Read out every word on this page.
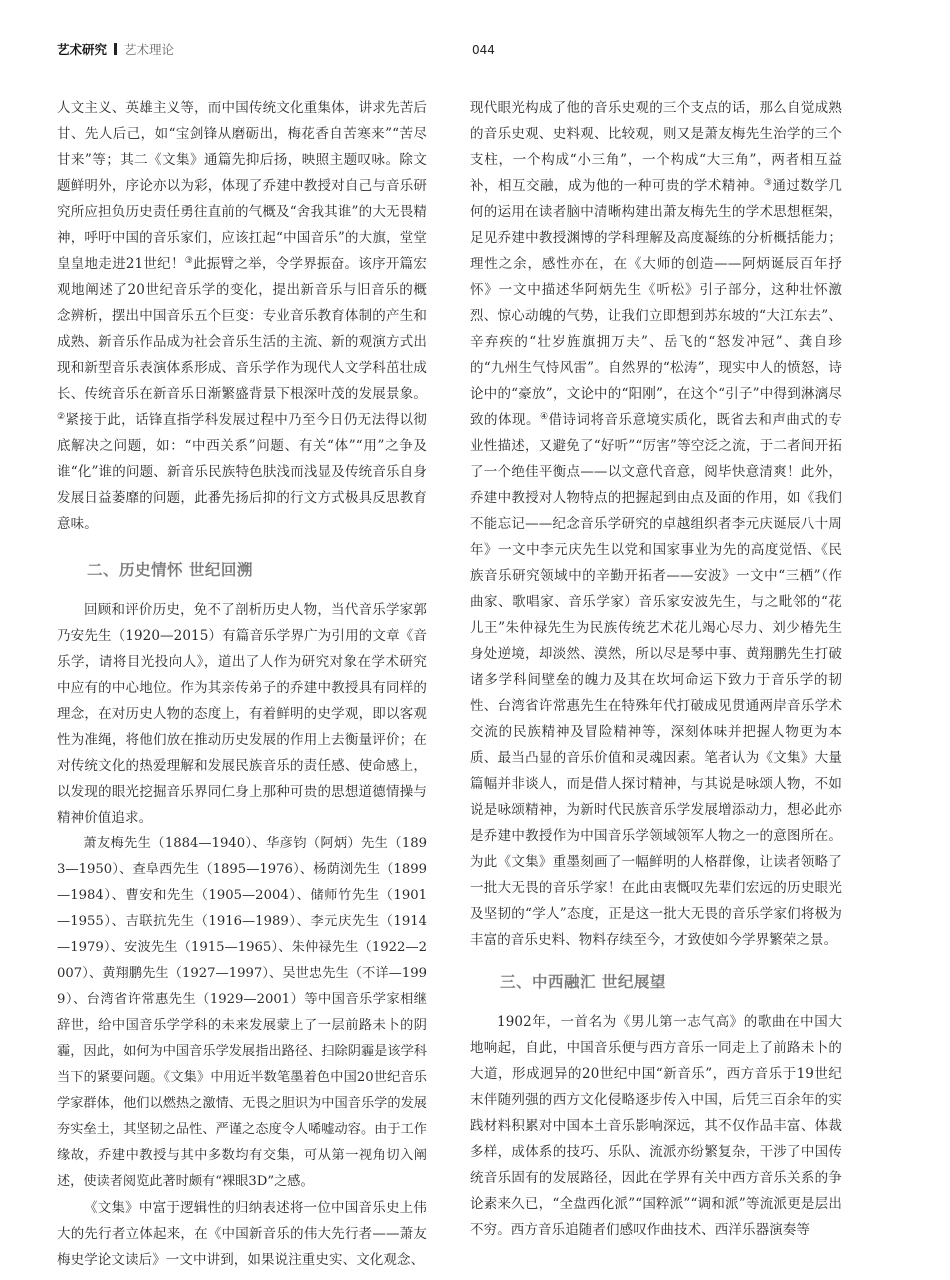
艺术研究 艺术理论	044

人文主义、英雄主义等，而中国传统文化重集体，讲求先苦后甘、先人后己，如“宝剑锋从磨砺出，梅花香自苦寒来”“苦尽甘来”等；其二《文集》通篇先抑后扬，映照主题叹咏。除文题鲜明外，序论亦以为彩，体现了乔建中教授对自己与音乐研究所应担负历史责任勇往直前的气概及“舍我其谁”的大无畏精神，呼吁中国的音乐家们，应该扛起“中国音乐”的大旗，堂堂皇皇地走进21世纪！③此振臂之举，令学界振奋。该序开篇宏观地阐述了20世纪音乐学的变化，提出新音乐与旧音乐的概念辨析，摆出中国音乐五个巨变：专业音乐教育体制的产生和成熟、新音乐作品成为社会音乐生活的主流、新的观演方式出现和新型音乐表演体系形成、音乐学作为现代人文学科茁壮成长、传统音乐在新音乐日渐繁盛背景下根深叶茂的发展景象。②紧接于此，话锋直指学科发展过程中乃至今日仍无法得以彻底解决之问题，如：“中西关系”问题、有关“体”“用”之争及谁“化”谁的问题、新音乐民族特色肤浅而浅显及传统音乐自身发展日益萎靡的问题，此番先扬后抑的行文方式极具反思教育意味。

二、历史情怀 世纪回溯

回顾和评价历史，免不了剖析历史人物，当代音乐学家郭乃安先生（1920—2015）有篇音乐学界广为引用的文章《音乐学，请将目光投向人》，道出了人作为研究对象在学术研究中应有的中心地位。作为其亲传弟子的乔建中教授具有同样的理念，在对历史人物的态度上，有着鲜明的史学观，即以客观性为准绳，将他们放在推动历史发展的作用上去衡量评价；在对传统文化的热爱理解和发展民族音乐的责任感、使命感上，以发现的眼光挖掘音乐界同仁身上那种可贵的思想道德情操与精神价值追求。

萧友梅先生（1884—1940）、华彦钧（阿炳）先生（1893—1950）、查阜西先生（1895—1976）、杨荫浏先生（1899—1984）、曹安和先生（1905—2004）、储师竹先生（1901—1955）、吉联抗先生（1916—1989）、李元庆先生（1914—1979）、安波先生（1915—1965）、朱仲禄先生（1922—2007）、黄翔鹏先生（1927—1997）、吴世忠先生（不详—1999）、台湾省许常惠先生（1929—2001）等中国音乐学家相继辞世，给中国音乐学学科的未来发展蒙上了一层前路未卜的阴霾，因此，如何为中国音乐学发展指出路径、扫除阴霾是该学科当下的紧要问题。《文集》中用近半数笔墨着色中国20世纪音乐学家群体，他们以燃热之激情、无畏之胆识为中国音乐学的发展夯实垒土，其坚韧之品性、严谨之态度令人唏嘘动容。由于工作缘故，乔建中教授与其中多数均有交集，可从第一视角切入阐述，使读者阅览此著时颇有“裸眼3D”之感。

《文集》中富于逻辑性的归纳表述将一位中国音乐史上伟大的先行者立体起来，在《中国新音乐的伟大先行者——萧友梅史学论文读后》一文中讲到，如果说注重史实、文化观念、

现代眼光构成了他的音乐史观的三个支点的话，那么自觉成熟的音乐史观、史料观、比较观，则又是萧友梅先生治学的三个支柱，一个构成“小三角”，一个构成“大三角”，两者相互益补，相互交融，成为他的一种可贵的学术精神。③通过数学几何的运用在读者脑中清晰构建出萧友梅先生的学术思想框架，足见乔建中教授渊博的学科理解及高度凝练的分析概括能力；理性之余，感性亦在，在《大师的创造——阿炳诞辰百年抒怀》一文中描述华阿炳先生《听松》引子部分，这种壮怀激烈、惊心动魄的气势，让我们立即想到苏东坡的“大江东去”、辛弃疾的“壮岁旌旗拥万夫”、岳飞的“怒发冲冠”、龚自珍的“九州生气恃风雷”。自然界的“松涛”，现实中人的愤怒，诗论中的“豪放”，文论中的“阳刚”，在这个“引子”中得到淋漓尽致的体现。④借诗词将音乐意境实质化，既省去和声曲式的专业性描述，又避免了“好听”“厉害”等空泛之流，于二者间开拓了一个绝佳平衡点——以文意代音意，阅毕快意清爽！此外，乔建中教授对人物特点的把握起到由点及面的作用，如《我们不能忘记——纪念音乐学研究的卓越组织者李元庆诞辰八十周年》一文中李元庆先生以党和国家事业为先的高度觉悟、《民族音乐研究领域中的辛勤开拓者——安波》一文中“三栖”（作曲家、歌唱家、音乐学家）音乐家安波先生，与之毗邻的“花儿王”朱仲禄先生为民族传统艺术花儿竭心尽力、刘少椿先生身处逆境，却淡然、漠然，所以尽是琴中事、黄翔鹏先生打破诸多学科间壁垒的魄力及其在坎坷命运下致力于音乐学的韧性、台湾省许常惠先生在特殊年代打破成见贯通两岸音乐学术交流的民族精神及冒险精神等，深刻体味并把握人物更为本质、最当凸显的音乐价值和灵魂因素。笔者认为《文集》大量篇幅并非谈人，而是借人探讨精神，与其说是咏颂人物，不如说是咏颂精神，为新时代民族音乐学发展增添动力，想必此亦是乔建中教授作为中国音乐学领域领军人物之一的意图所在。为此《文集》重墨刻画了一幅鲜明的人格群像，让读者领略了一批大无畏的音乐学家！在此由衷慨叹先辈们宏远的历史眼光及坚韧的“学人”态度，正是这一批大无畏的音乐学家们将极为丰富的音乐史料、物料存续至今，才致使如今学界繁荣之景。

三、中西融汇 世纪展望

1902年，一首名为《男儿第一志气高》的歌曲在中国大地响起，自此，中国音乐便与西方音乐一同走上了前路未卜的大道，形成迥异的20世纪中国“新音乐”，西方音乐于19世纪末伴随列强的西方文化侵略逐步传入中国，后凭三百余年的实践材料积累对中国本土音乐影响深远，其不仅作品丰富、体裁多样，成体系的技巧、乐队、流派亦纷繁复杂，干涉了中国传统音乐固有的发展路径，因此在学界有关中西方音乐关系的争论素来久已，“全盘西化派”“国粹派”“调和派”等流派更是层出不穷。西方音乐追随者们感叹作曲技术、西洋乐器演奏等
